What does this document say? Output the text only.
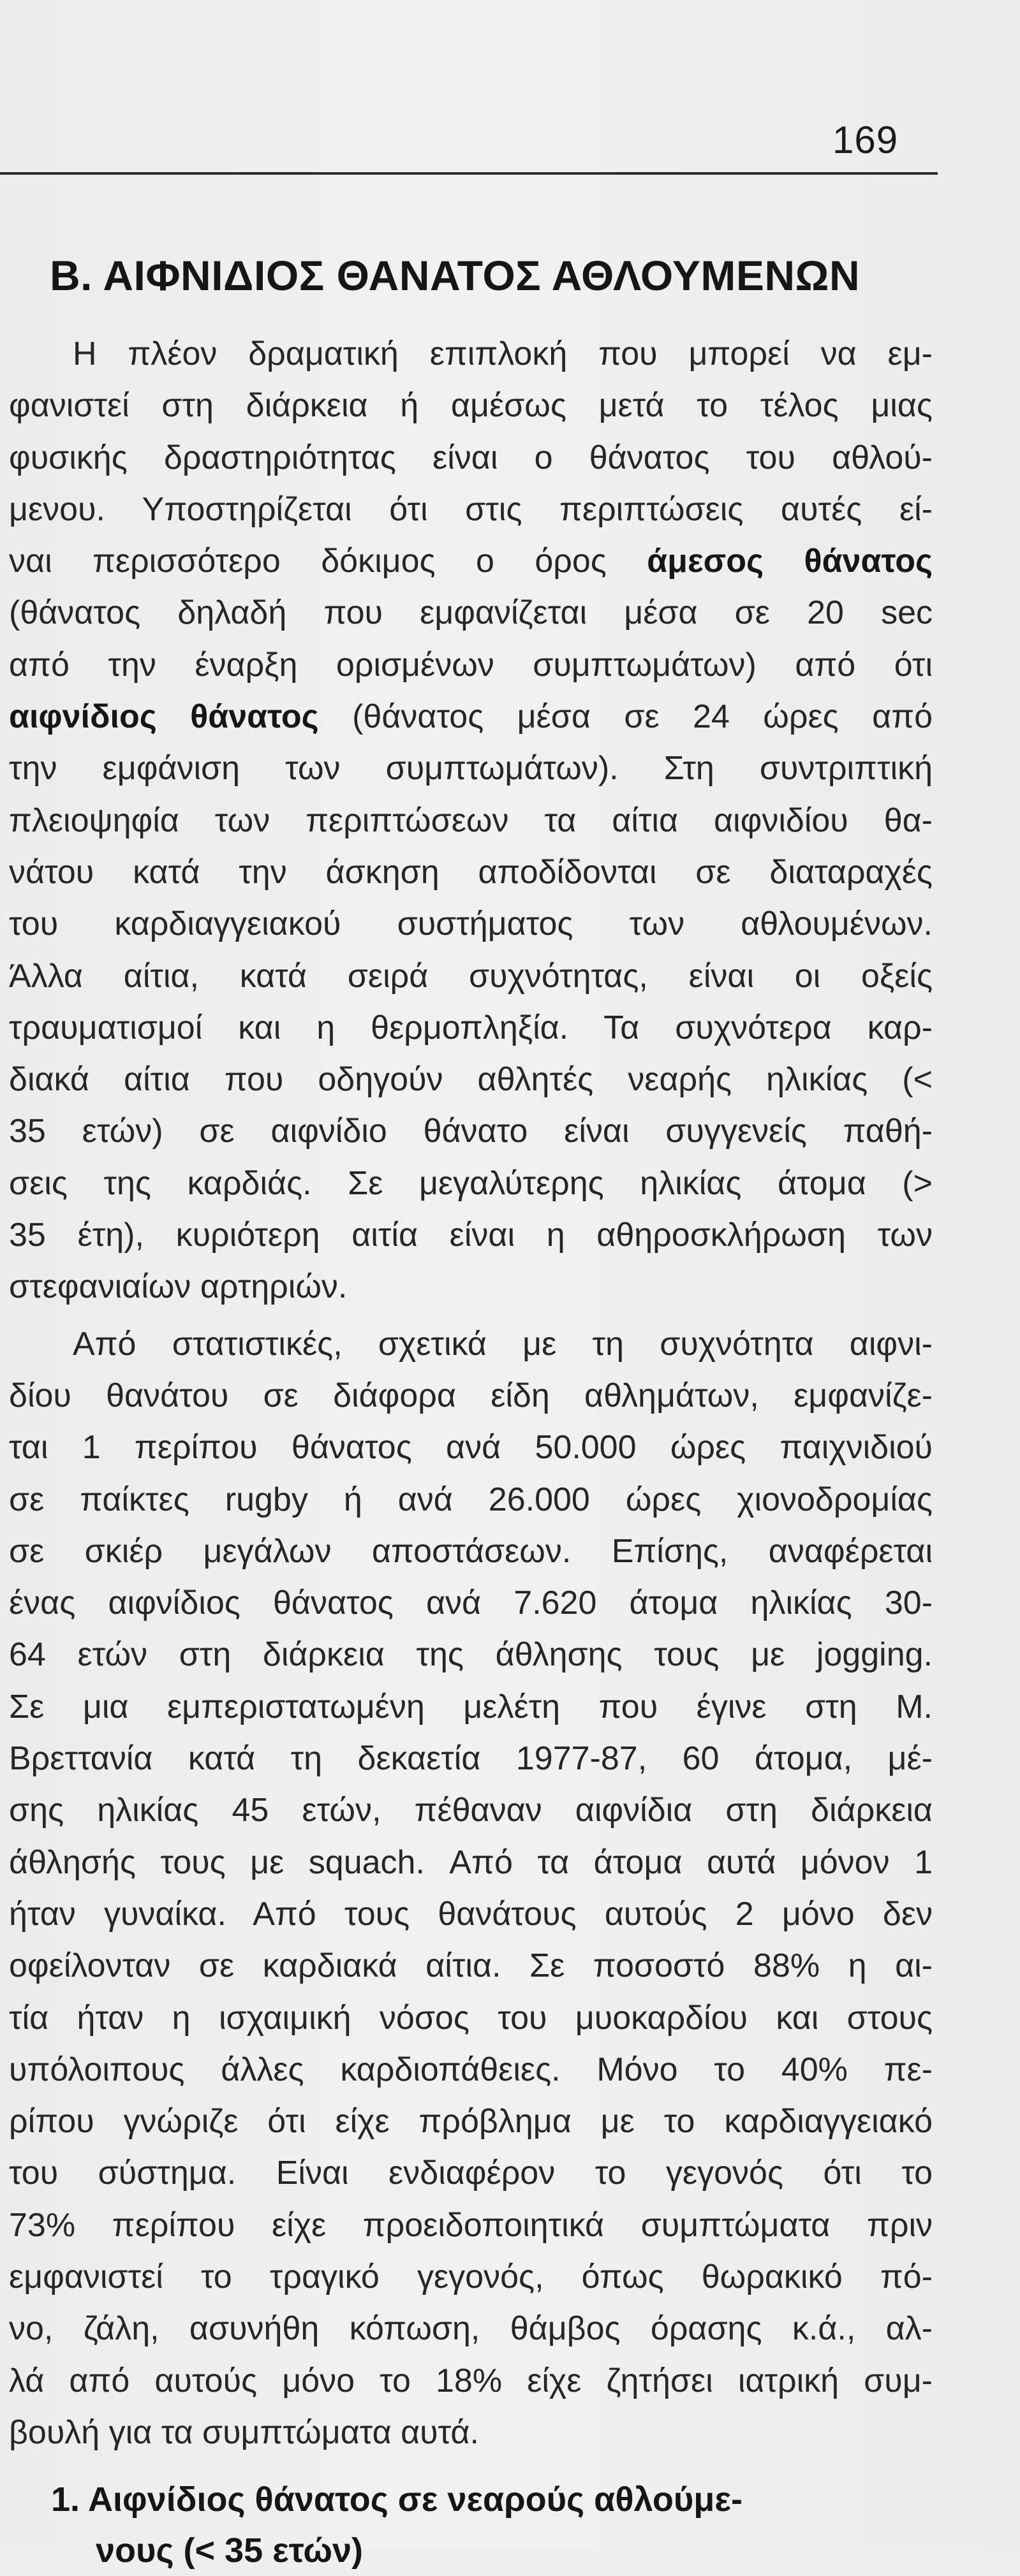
169
Β. ΑΙΦΝΙΔΙΟΣ ΘΑΝΑΤΟΣ ΑΘΛΟΥΜΕΝΩΝ
Η πλέον δραματική επιπλοκή που μπορεί να εμ-
φανιστεί στη διάρκεια ή αμέσως μετά το τέλος μιας
φυσικής δραστηριότητας είναι ο θάνατος του αθλού-
μενου. Υποστηρίζεται ότι στις περιπτώσεις αυτές εί-
ναι περισσότερο δόκιμος ο όρος άμεσος θάνατος
(θάνατος δηλαδή που εμφανίζεται μέσα σε 20 sec
από την έναρξη ορισμένων συμπτωμάτων) από ότι
αιφνίδιος θάνατος (θάνατος μέσα σε 24 ώρες από
την εμφάνιση των συμπτωμάτων). Στη συντριπτική
πλειοψηφία των περιπτώσεων τα αίτια αιφνιδίου θα-
νάτου κατά την άσκηση αποδίδονται σε διαταραχές
του καρδιαγγειακού συστήματος των αθλουμένων.
Άλλα αίτια, κατά σειρά συχνότητας, είναι οι οξείς
τραυματισμοί και η θερμοπληξία. Τα συχνότερα καρ-
διακά αίτια που οδηγούν αθλητές νεαρής ηλικίας (<
35 ετών) σε αιφνίδιο θάνατο είναι συγγενείς παθή-
σεις της καρδιάς. Σε μεγαλύτερης ηλικίας άτομα (>
35 έτη), κυριότερη αιτία είναι η αθηροσκλήρωση των
στεφανιαίων αρτηριών.
Από στατιστικές, σχετικά με τη συχνότητα αιφνι-
δίου θανάτου σε διάφορα είδη αθλημάτων, εμφανίζε-
ται 1 περίπου θάνατος ανά 50.000 ώρες παιχνιδιού
σε παίκτες rugby ή ανά 26.000 ώρες χιονοδρομίας
σε σκιέρ μεγάλων αποστάσεων. Επίσης, αναφέρεται
ένας αιφνίδιος θάνατος ανά 7.620 άτομα ηλικίας 30-
64 ετών στη διάρκεια της άθλησης τους με jogging.
Σε μια εμπεριστατωμένη μελέτη που έγινε στη Μ.
Βρεττανία κατά τη δεκαετία 1977-87, 60 άτομα, μέ-
σης ηλικίας 45 ετών, πέθαναν αιφνίδια στη διάρκεια
άθλησής τους με squach. Από τα άτομα αυτά μόνον 1
ήταν γυναίκα. Από τους θανάτους αυτούς 2 μόνο δεν
οφείλονταν σε καρδιακά αίτια. Σε ποσοστό 88% η αι-
τία ήταν η ισχαιμική νόσος του μυοκαρδίου και στους
υπόλοιπους άλλες καρδιοπάθειες. Μόνο το 40% πε-
ρίπου γνώριζε ότι είχε πρόβλημα με το καρδιαγγειακό
του σύστημα. Είναι ενδιαφέρον το γεγονός ότι το
73% περίπου είχε προειδοποιητικά συμπτώματα πριν
εμφανιστεί το τραγικό γεγονός, όπως θωρακικό πό-
νο, ζάλη, ασυνήθη κόπωση, θάμβος όρασης κ.ά., αλ-
λά από αυτούς μόνο το 18% είχε ζητήσει ιατρική συμ-
βουλή για τα συμπτώματα αυτά.
1. Αιφνίδιος θάνατος σε νεαρούς αθλούμε-
νους (< 35 ετών)
